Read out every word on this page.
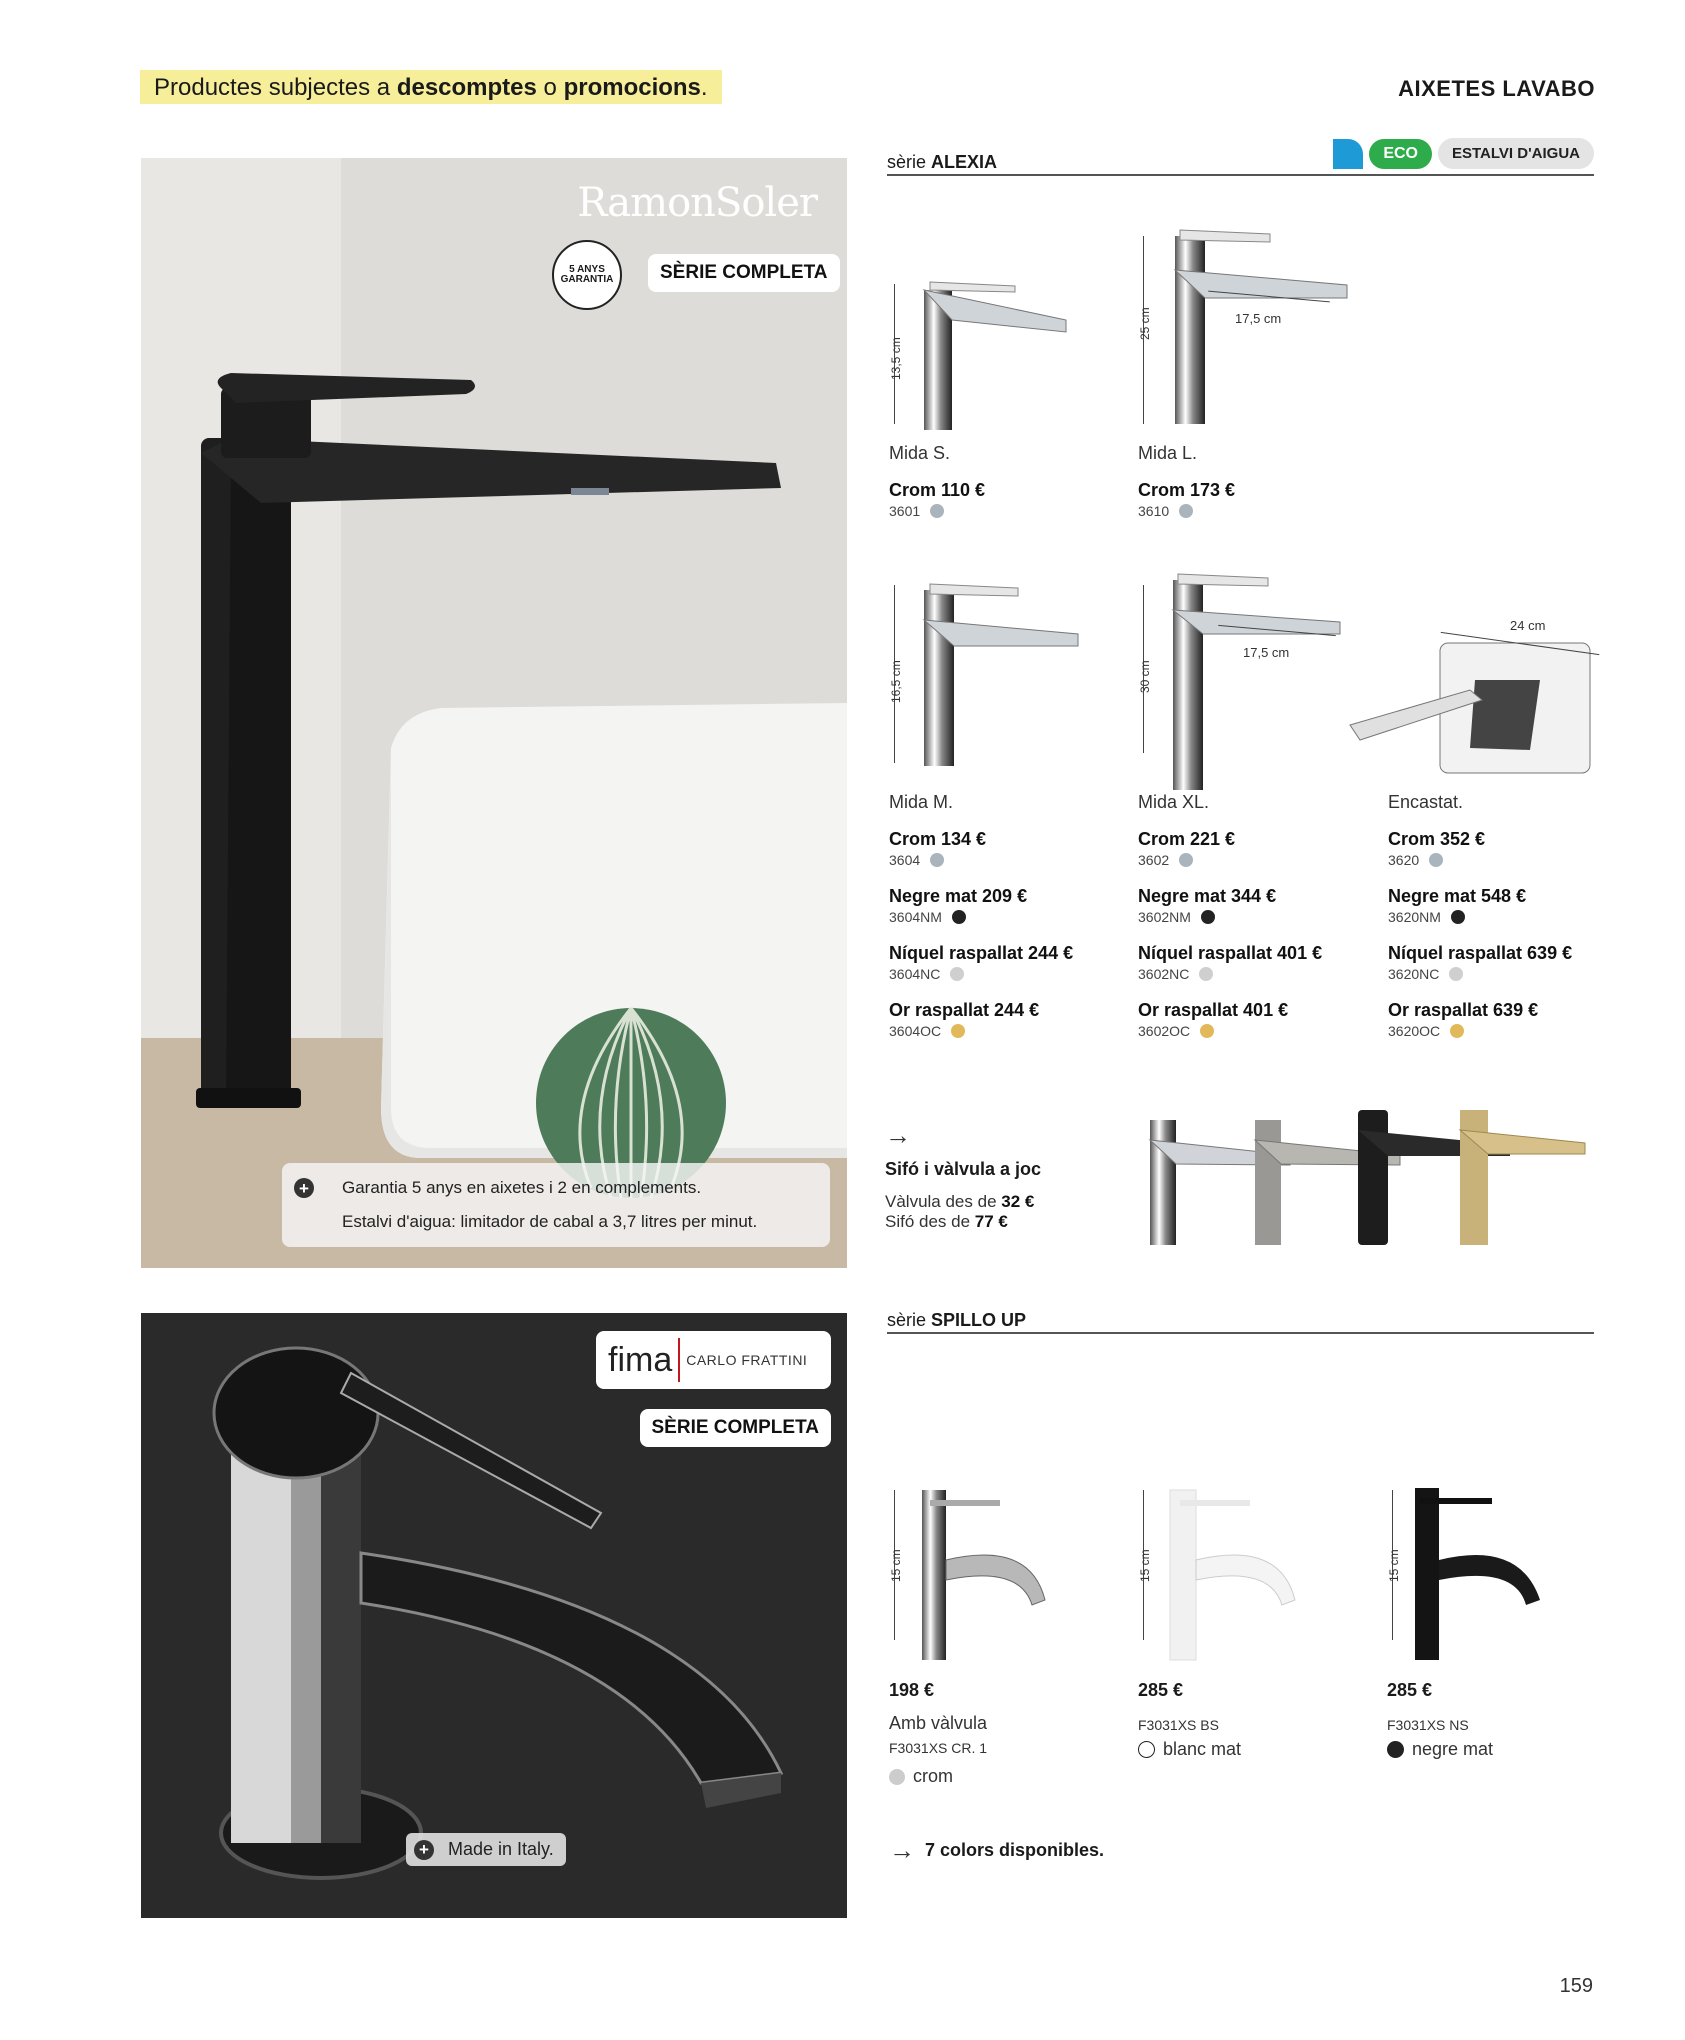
Productes subjectes a descomptes o promocions.	AIXETES LAVABO
RamonSoler
5 ANYS GARANTIA	SÈRIE COMPLETA
+ Garantia 5 anys en aixetes i 2 en complements.
Estalvi d'aigua: limitador de cabal a 3,7 litres per minut.
fima CARLO FRATTINI
SÈRIE COMPLETA
+ Made in Italy.
sèrie ALEXIA	ECO	ESTALVI D'AIGUA
13,5 cm
25 cm	17,5 cm
16,5 cm	30 cm
17,5 cm
24 cm
Mida S.
Crom 110 €
3601
Mida L.
Crom 173 €
3610
Mida M.
Crom 134 €
3604
Negre mat 209 €
3604NM
Níquel raspallat 244 €
3604NC
Or raspallat 244 €
3604OC
Mida XL.
Crom 221 €
3602
Negre mat 344 €
3602NM
Níquel raspallat 401 €
3602NC
Or raspallat 401 €
3602OC
Encastat.
Crom 352 €
3620
Negre mat 548 €
3620NM
Níquel raspallat 639 €
3620NC
Or raspallat 639 €
3620OC
→
Sifó i vàlvula a joc
Vàlvula des de 32 €
Sifó des de 77 €
sèrie SPILLO UP
15 cm	15 cm	15 cm
198 €
Amb vàlvula
F3031XS CR. 1
crom
285 €
F3031XS BS
blanc mat
285 €
F3031XS NS
negre mat
→ 7 colors disponibles.
159
